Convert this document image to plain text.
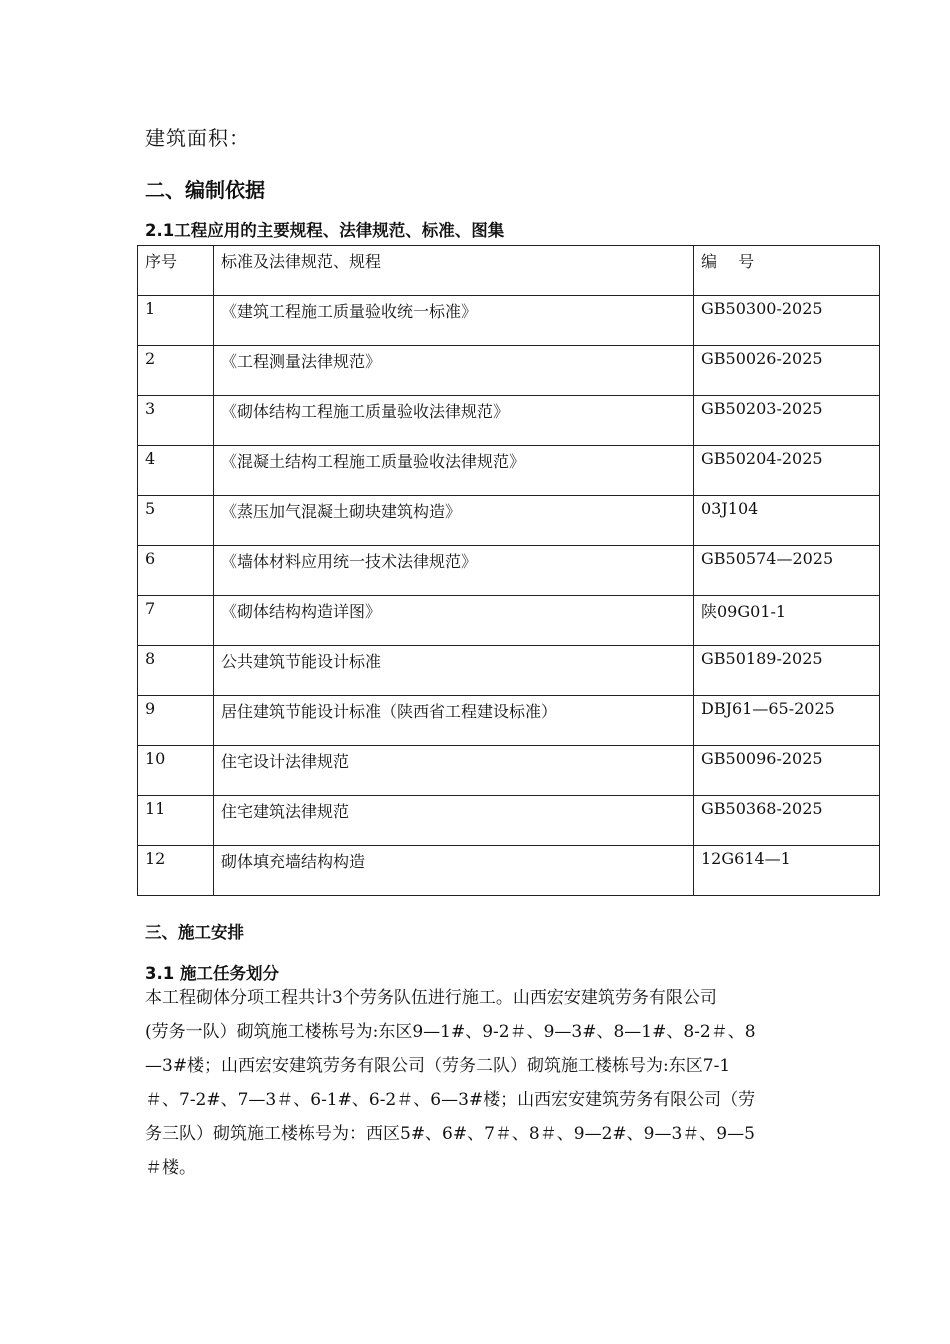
建筑面积：
二、编制依据
2.1工程应用的主要规程、法律规范、标准、图集
序号	标准及法律规范、规程	编　 号
1	《建筑工程施工质量验收统一标准》	GB50300-2025
2	《工程测量法律规范》	GB50026-2025
3	《砌体结构工程施工质量验收法律规范》	GB50203-2025
4	《混凝土结构工程施工质量验收法律规范》	GB50204-2025
5	《蒸压加气混凝土砌块建筑构造》	03J104
6	《墙体材料应用统一技术法律规范》	GB50574—2025
7	《砌体结构构造详图》	陕09G01-1
8	公共建筑节能设计标准	GB50189-2025
9	居住建筑节能设计标准（陕西省工程建设标准）	DBJ61—65-2025
10	住宅设计法律规范	GB50096-2025
11	住宅建筑法律规范	GB50368-2025
12	砌体填充墙结构构造	12G614—1
三、施工安排
3.1 施工任务划分
本工程砌体分项工程共计3个劳务队伍进行施工。山西宏安建筑劳务有限公司
(劳务一队）砌筑施工楼栋号为:东区9—1#、9-2＃、9—3#、8—1#、8-2＃、8
—3#楼；山西宏安建筑劳务有限公司（劳务二队）砌筑施工楼栋号为:东区7-1
＃、7-2#、7—3＃、6-1#、6-2＃、6—3#楼；山西宏安建筑劳务有限公司（劳
务三队）砌筑施工楼栋号为：西区5#、6#、7＃、8＃、9—2#、9—3＃、9—5
＃楼。
